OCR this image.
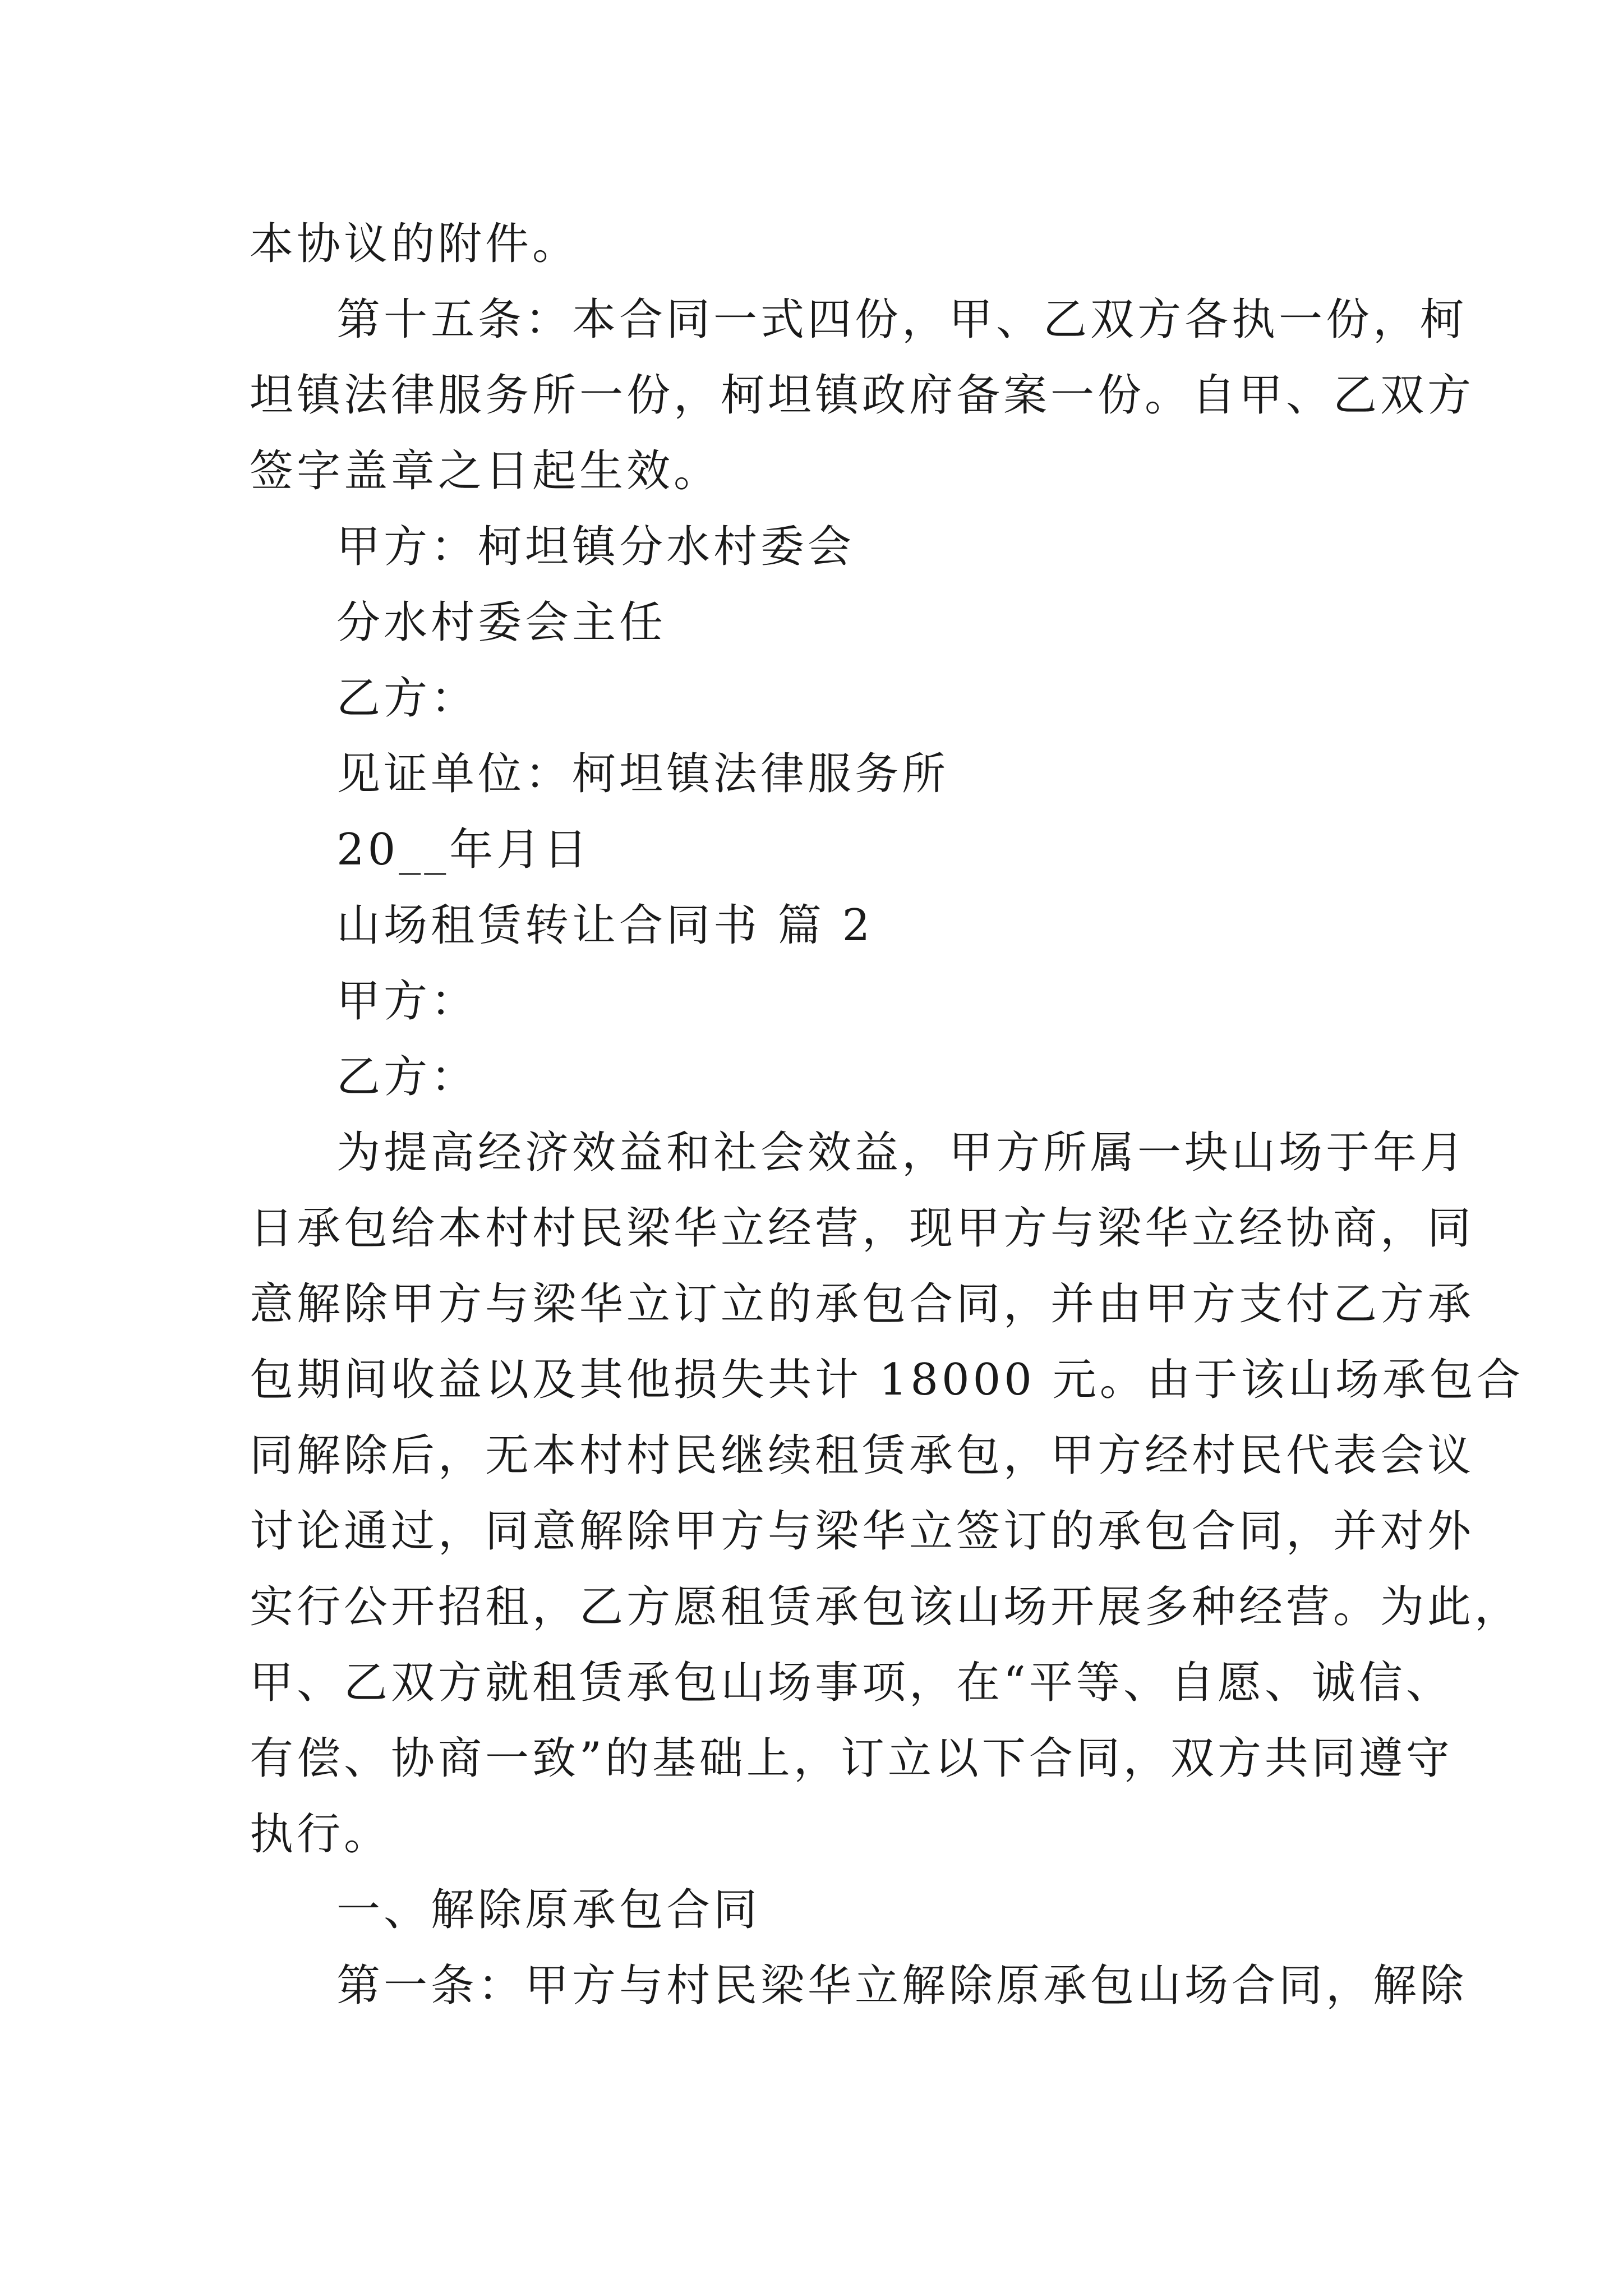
本协议的附件。
第十五条：本合同一式四份，甲、乙双方各执一份，柯
坦镇法律服务所一份，柯坦镇政府备案一份。自甲、乙双方
签字盖章之日起生效。
甲方：柯坦镇分水村委会
分水村委会主任
乙方：
见证单位：柯坦镇法律服务所
20__年月日
山场租赁转让合同书 篇 2
甲方：
乙方：
为提高经济效益和社会效益，甲方所属一块山场于年月
日承包给本村村民梁华立经营，现甲方与梁华立经协商，同
意解除甲方与梁华立订立的承包合同，并由甲方支付乙方承
包期间收益以及其他损失共计 18000 元。由于该山场承包合
同解除后，无本村村民继续租赁承包，甲方经村民代表会议
讨论通过，同意解除甲方与梁华立签订的承包合同，并对外
实行公开招租，乙方愿租赁承包该山场开展多种经营。为此，
甲、乙双方就租赁承包山场事项，在“平等、自愿、诚信、
有偿、协商一致”的基础上，订立以下合同，双方共同遵守
执行。
一、解除原承包合同
第一条：甲方与村民梁华立解除原承包山场合同，解除
